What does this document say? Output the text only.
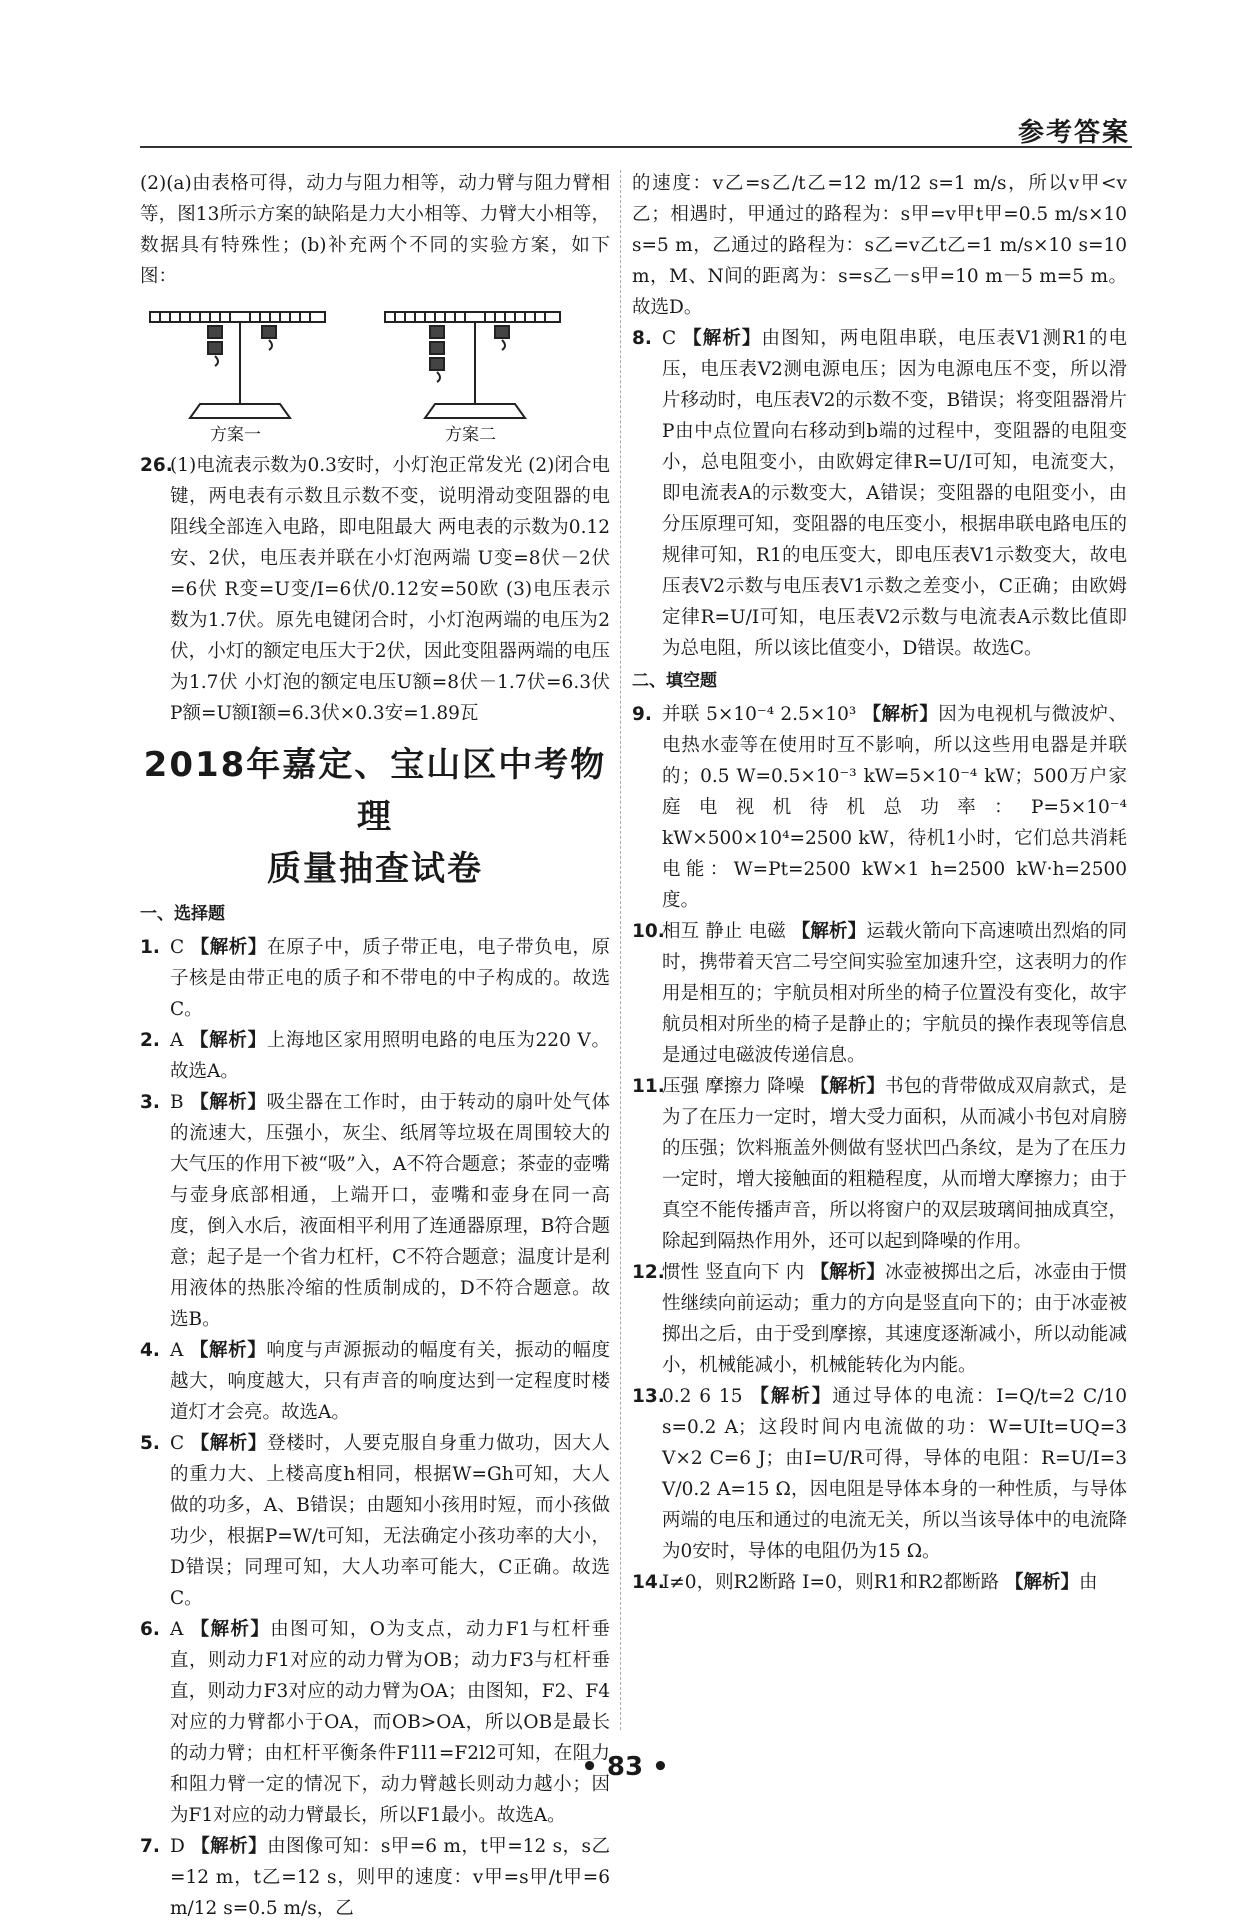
参考答案

(2)(a)由表格可得，动力与阻力相等，动力臂与阻力臂相等，图13所示方案的缺陷是力大小相等、力臂大小相等，数据具有特殊性；(b)补充两个不同的实验方案，如下图：

方案一	方案二
26.
(1)电流表示数为0.3安时，小灯泡正常发光 (2)闭合电键，两电表有示数且示数不变，说明滑动变阻器的电阻线全部连入电路，即电阻最大 两电表的示数为0.12安、2伏，电压表并联在小灯泡两端 U变=8伏－2伏=6伏 R变=U变/I=6伏/0.12安=50欧 (3)电压表示数为1.7伏。原先电键闭合时，小灯泡两端的电压为2伏，小灯的额定电压大于2伏，因此变阻器两端的电压为1.7伏 小灯泡的额定电压U额=8伏－1.7伏=6.3伏 P额=U额I额=6.3伏×0.3安=1.89瓦
2018年嘉定、宝山区中考物理
质量抽查试卷
一、选择题
1. C 【解析】在原子中，质子带正电，电子带负电，原子核是由带正电的质子和不带电的中子构成的。故选C。
2. A 【解析】上海地区家用照明电路的电压为220 V。故选A。
3. B 【解析】吸尘器在工作时，由于转动的扇叶处气体的流速大，压强小，灰尘、纸屑等垃圾在周围较大的大气压的作用下被“吸”入，A不符合题意；茶壶的壶嘴与壶身底部相通，上端开口，壶嘴和壶身在同一高度，倒入水后，液面相平利用了连通器原理，B符合题意；起子是一个省力杠杆，C不符合题意；温度计是利用液体的热胀冷缩的性质制成的，D不符合题意。故选B。
4. A 【解析】响度与声源振动的幅度有关，振动的幅度越大，响度越大，只有声音的响度达到一定程度时楼道灯才会亮。故选A。
5. C 【解析】登楼时，人要克服自身重力做功，因大人的重力大、上楼高度h相同，根据W=Gh可知，大人做的功多，A、B错误；由题知小孩用时短，而小孩做功少，根据P=W/t可知，无法确定小孩功率的大小，D错误；同理可知，大人功率可能大，C正确。故选C。
6. A 【解析】由图可知，O为支点，动力F1与杠杆垂直，则动力F1对应的动力臂为OB；动力F3与杠杆垂直，则动力F3对应的动力臂为OA；由图知，F2、F4对应的力臂都小于OA，而OB>OA，所以OB是最长的动力臂；由杠杆平衡条件F1l1=F2l2可知，在阻力和阻力臂一定的情况下，动力臂越长则动力越小；因为F1对应的动力臂最长，所以F1最小。故选A。
7. D 【解析】由图像可知：s甲=6 m，t甲=12 s，s乙=12 m，t乙=12 s，则甲的速度：v甲=s甲/t甲=6 m/12 s=0.5 m/s，乙

的速度：v乙=s乙/t乙=12 m/12 s=1 m/s，所以v甲<v乙；相遇时，甲通过的路程为：s甲=v甲t甲=0.5 m/s×10 s=5 m，乙通过的路程为：s乙=v乙t乙=1 m/s×10 s=10 m，M、N间的距离为：s=s乙－s甲=10 m－5 m=5 m。故选D。

8. C 【解析】由图知，两电阻串联，电压表V1测R1的电压，电压表V2测电源电压；因为电源电压不变，所以滑片移动时，电压表V2的示数不变，B错误；将变阻器滑片P由中点位置向右移动到b端的过程中，变阻器的电阻变小，总电阻变小，由欧姆定律R=U/I可知，电流变大，即电流表A的示数变大，A错误；变阻器的电阻变小，由分压原理可知，变阻器的电压变小，根据串联电路电压的规律可知，R1的电压变大，即电压表V1示数变大，故电压表V2示数与电压表V1示数之差变小，C正确；由欧姆定律R=U/I可知，电压表V2示数与电流表A示数比值即为总电阻，所以该比值变小，D错误。故选C。
二、填空题
9. 并联 5×10⁻⁴ 2.5×10³ 【解析】因为电视机与微波炉、电热水壶等在使用时互不影响，所以这些用电器是并联的；0.5 W=0.5×10⁻³ kW=5×10⁻⁴ kW；500万户家庭电视机待机总功率：P=5×10⁻⁴ kW×500×10⁴=2500 kW，待机1小时，它们总共消耗电能：W=Pt=2500 kW×1 h=2500 kW·h=2500度。
10.
相互 静止 电磁 【解析】运载火箭向下高速喷出烈焰的同时，携带着天宫二号空间实验室加速升空，这表明力的作用是相互的；宇航员相对所坐的椅子位置没有变化，故宇航员相对所坐的椅子是静止的；宇航员的操作表现等信息是通过电磁波传递信息。
11.
压强 摩擦力 降噪 【解析】书包的背带做成双肩款式，是为了在压力一定时，增大受力面积，从而减小书包对肩膀的压强；饮料瓶盖外侧做有竖状凹凸条纹，是为了在压力一定时，增大接触面的粗糙程度，从而增大摩擦力；由于真空不能传播声音，所以将窗户的双层玻璃间抽成真空，除起到隔热作用外，还可以起到降噪的作用。
12.
惯性 竖直向下 内 【解析】冰壶被掷出之后，冰壶由于惯性继续向前运动；重力的方向是竖直向下的；由于冰壶被掷出之后，由于受到摩擦，其速度逐渐减小，所以动能减小，机械能减小，机械能转化为内能。
13.
0.2 6 15 【解析】通过导体的电流：I=Q/t=2 C/10 s=0.2 A；这段时间内电流做的功：W=UIt=UQ=3 V×2 C=6 J；由I=U/R可得，导体的电阻：R=U/I=3 V/0.2 A=15 Ω，因电阻是导体本身的一种性质，与导体两端的电压和通过的电流无关，所以当该导体中的电流降为0安时，导体的电阻仍为15 Ω。
14.
I≠0，则R2断路 I=0，则R1和R2都断路 【解析】由
• 83 •
